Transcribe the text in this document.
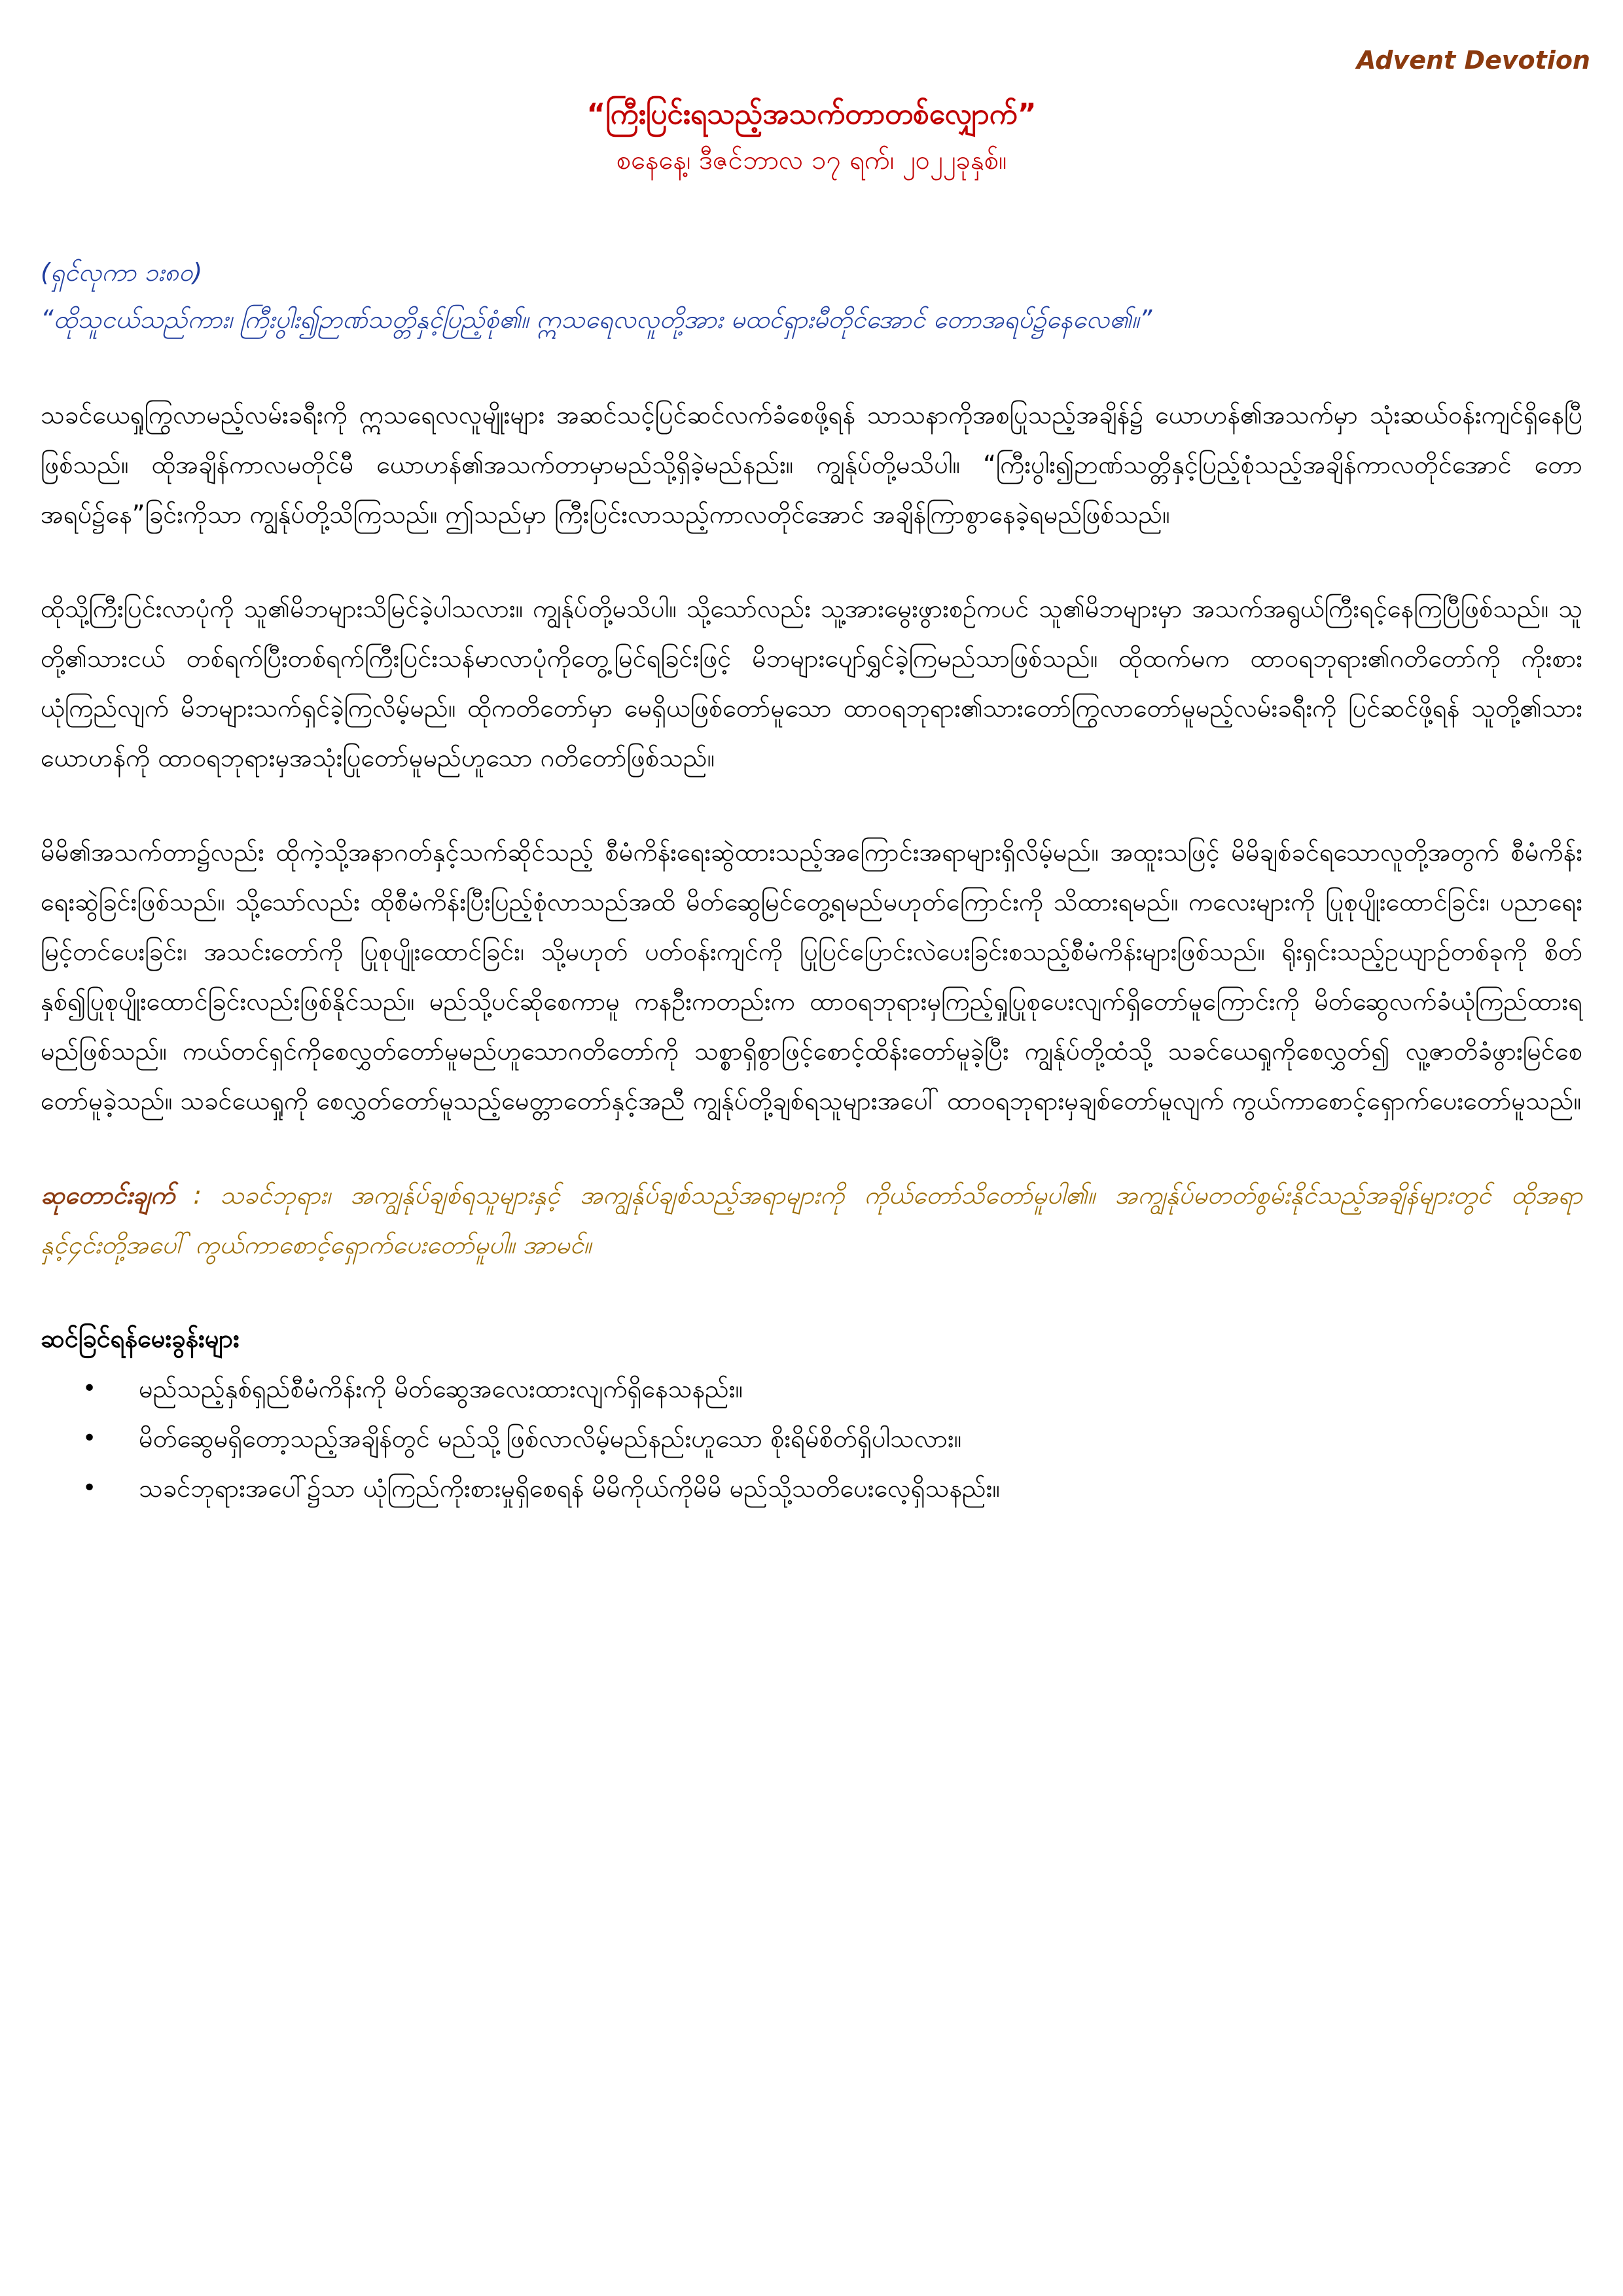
Advent Devotion
“ကြီးပြင်းရသည့်အသက်တာတစ်လျှောက်”
စနေနေ့၊ ဒီဇင်ဘာလ ၁၇ ရက်၊ ၂၀၂၂ခုနှစ်။
(ရှင်လုကာ ၁း၈၀)
“ထိုသူငယ်သည်ကား၊ ကြီးပွါး၍ဉာဏ်သတ္တိနှင့်ပြည့်စုံ၏။ ဣသရေလလူတို့အား မထင်ရှားမီတိုင်အောင် တောအရပ်၌နေလေ၏။”

သခင်ယေရှုကြွလာမည့်လမ်းခရီးကို ဣသရေလလူမျိုးများ အဆင်သင့်ပြင်ဆင်လက်ခံစေဖို့ရန် သာသနာကိုအစပြုသည့်အချိန်၌ ယောဟန်၏အသက်မှာ သုံးဆယ်ဝန်းကျင်ရှိနေပြီဖြစ်သည်။ ထိုအချိန်ကာလမတိုင်မီ ယောဟန်၏အသက်တာမှာမည်သို့ရှိခဲ့မည်နည်း။ ကျွန်ုပ်တို့မသိပါ။ “ကြီးပွါး၍ဉာဏ်သတ္တိနှင့်ပြည့်စုံသည့်အချိန်ကာလတိုင်အောင် တောအရပ်၌နေ”ခြင်းကိုသာ ကျွန်ုပ်တို့သိကြသည်။ ဤသည်မှာ ကြီးပြင်းလာသည့်ကာလတိုင်အောင် အချိန်ကြာစွာနေခဲ့ရမည်ဖြစ်သည်။

ထိုသို့ကြီးပြင်းလာပုံကို သူ၏မိဘများသိမြင်ခဲ့ပါသလား။ ကျွန်ုပ်တို့မသိပါ။ သို့သော်လည်း သူ့အားမွေးဖွားစဉ်ကပင် သူ၏မိဘများမှာ အသက်အရွယ်ကြီးရင့်နေကြပြီဖြစ်သည်။ သူတို့၏သားငယ် တစ်ရက်ပြီးတစ်ရက်ကြီးပြင်းသန်မာလာပုံကိုတွေ့မြင်ရခြင်းဖြင့် မိဘများပျော်ရွှင်ခဲ့ကြမည်သာဖြစ်သည်။ ထိုထက်မက ထာဝရဘုရား၏ဂတိတော်ကို ကိုးစားယုံကြည်လျက် မိဘများသက်ရှင်ခဲ့ကြလိမ့်မည်။ ထိုကတိတော်မှာ မေရှိယဖြစ်တော်မူသော ထာဝရဘုရား၏သားတော်ကြွလာတော်မူမည့်လမ်းခရီးကို ပြင်ဆင်ဖို့ရန် သူတို့၏သားယောဟန်ကို ထာဝရဘုရားမှအသုံးပြုတော်မူမည်ဟူသော ဂတိတော်ဖြစ်သည်။

မိမိ၏အသက်တာ၌လည်း ထိုကဲ့သို့အနာဂတ်နှင့်သက်ဆိုင်သည့် စီမံကိန်းရေးဆွဲထားသည့်အကြောင်းအရာများရှိလိမ့်မည်။ အထူးသဖြင့် မိမိချစ်ခင်ရသောလူတို့အတွက် စီမံကိန်းရေးဆွဲခြင်းဖြစ်သည်။ သို့သော်လည်း ထိုစီမံကိန်းပြီးပြည့်စုံလာသည်အထိ မိတ်ဆွေမြင်တွေ့ရမည်မဟုတ်ကြောင်းကို သိထားရမည်။ ကလေးများကို ပြုစုပျိုးထောင်ခြင်း၊ ပညာရေးမြင့်တင်ပေးခြင်း၊ အသင်းတော်ကို ပြုစုပျိုးထောင်ခြင်း၊ သို့မဟုတ် ပတ်ဝန်းကျင်ကို ပြုပြင်ပြောင်းလဲပေးခြင်းစသည့်စီမံကိန်းများဖြစ်သည်။ ရိုးရှင်းသည့်ဥယျာဉ်တစ်ခုကို စိတ်နှစ်၍ပြုစုပျိုးထောင်ခြင်းလည်းဖြစ်နိုင်သည်။ မည်သို့ပင်ဆိုစေကာမူ ကနဦးကတည်းက ထာဝရဘုရားမှကြည့်ရှုပြုစုပေးလျက်ရှိတော်မူကြောင်းကို မိတ်ဆွေလက်ခံယုံကြည်ထားရမည်ဖြစ်သည်။ ကယ်တင်ရှင်ကိုစေလွှတ်တော်မူမည်ဟူသောဂတိတော်ကို သစ္စာရှိစွာဖြင့်စောင့်ထိန်းတော်မူခဲ့ပြီး ကျွန်ုပ်တို့ထံသို့ သခင်ယေရှုကိုစေလွှတ်၍ လူ့ဇာတိခံဖွားမြင်စေတော်မူခဲ့သည်။ သခင်ယေရှုကို စေလွှတ်တော်မူသည့်မေတ္တာတော်နှင့်အညီ ကျွန်ုပ်တို့ချစ်ရသူများအပေါ် ထာဝရဘုရားမှချစ်တော်မူလျက် ကွယ်ကာစောင့်ရှောက်ပေးတော်မူသည်။

ဆုတောင်းချက် : သခင်ဘုရား၊ အကျွန်ုပ်ချစ်ရသူများနှင့် အကျွန်ုပ်ချစ်သည့်အရာများကို ကိုယ်တော်သိတော်မူပါ၏။ အကျွန်ုပ်မတတ်စွမ်းနိုင်သည့်အချိန်များတွင် ထိုအရာနှင့်၄င်းတို့အပေါ် ကွယ်ကာစောင့်ရှောက်ပေးတော်မူပါ။ အာမင်။

ဆင်ခြင်ရန်မေးခွန်းများ
• မည်သည့်နှစ်ရှည်စီမံကိန်းကို မိတ်ဆွေအလေးထားလျက်ရှိနေသနည်း။
• မိတ်ဆွေမရှိတော့သည့်အချိန်တွင် မည်သို့ဖြစ်လာလိမ့်မည်နည်းဟူသော စိုးရိမ်စိတ်ရှိပါသလား။
• သခင်ဘုရားအပေါ်၌သာ ယုံကြည်ကိုးစားမှုရှိစေရန် မိမိကိုယ်ကိုမိမိ မည်သို့သတိပေးလေ့ရှိသနည်း။
